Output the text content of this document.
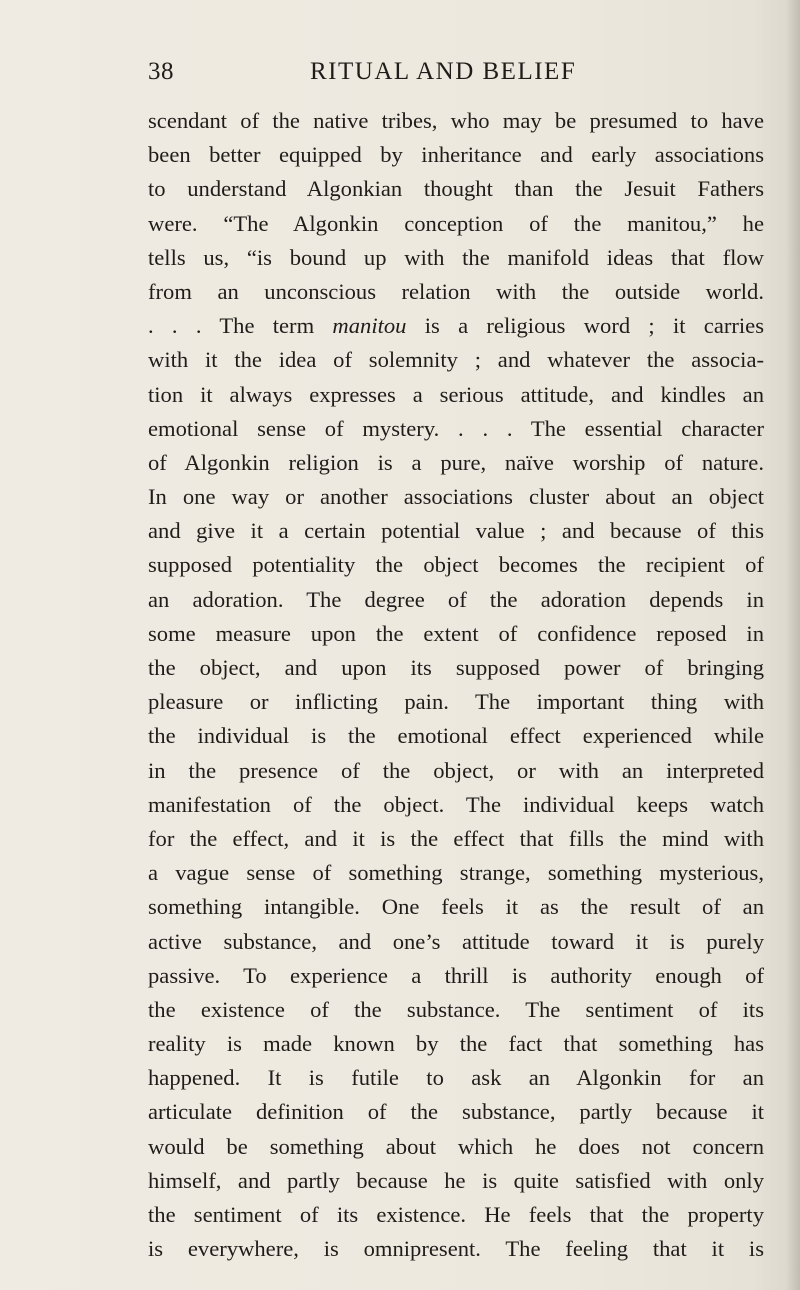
38	RITUAL AND BELIEF
scendant of the native tribes, who may be presumed to have
been better equipped by inheritance and early associations
to understand Algonkian thought than the Jesuit Fathers
were. “The Algonkin conception of the manitou,” he
tells us, “is bound up with the manifold ideas that flow
from an unconscious relation with the outside world.
. . . The term manitou is a religious word ; it carries
with it the idea of solemnity ; and whatever the associa-
tion it always expresses a serious attitude, and kindles an
emotional sense of mystery. . . . The essential character
of Algonkin religion is a pure, naïve worship of nature.
In one way or another associations cluster about an object
and give it a certain potential value ; and because of this
supposed potentiality the object becomes the recipient of
an adoration. The degree of the adoration depends in
some measure upon the extent of confidence reposed in
the object, and upon its supposed power of bringing
pleasure or inflicting pain. The important thing with
the individual is the emotional effect experienced while
in the presence of the object, or with an interpreted
manifestation of the object. The individual keeps watch
for the effect, and it is the effect that fills the mind with
a vague sense of something strange, something mysterious,
something intangible. One feels it as the result of an
active substance, and one’s attitude toward it is purely
passive. To experience a thrill is authority enough of
the existence of the substance. The sentiment of its
reality is made known by the fact that something has
happened. It is futile to ask an Algonkin for an
articulate definition of the substance, partly because it
would be something about which he does not concern
himself, and partly because he is quite satisfied with only
the sentiment of its existence. He feels that the property
is everywhere, is omnipresent. The feeling that it is
